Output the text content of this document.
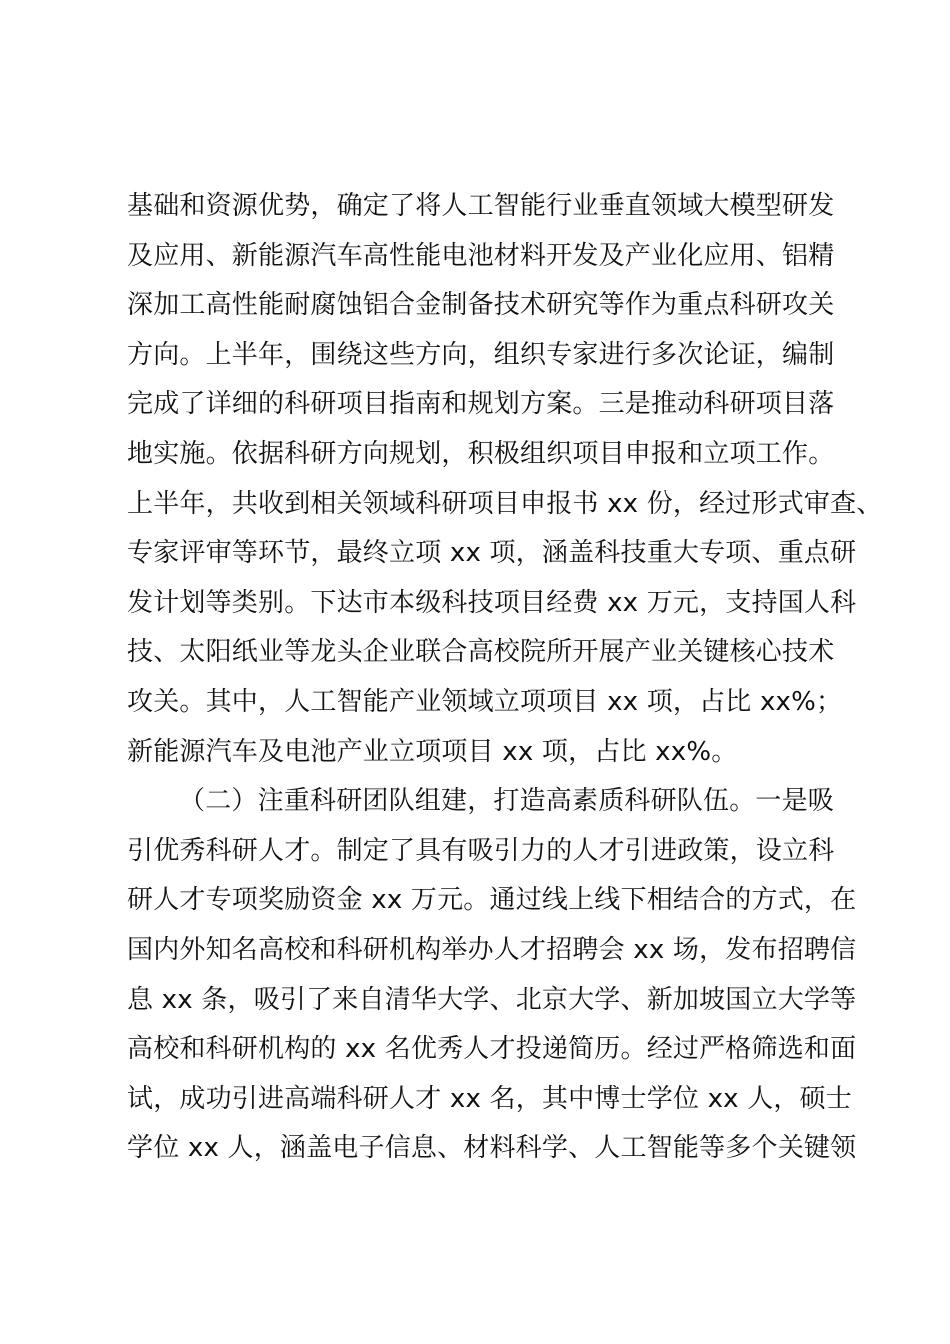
基础和资源优势，确定了将人工智能行业垂直领域大模型研发
及应用、新能源汽车高性能电池材料开发及产业化应用、铝精
深加工高性能耐腐蚀铝合金制备技术研究等作为重点科研攻关
方向。上半年，围绕这些方向，组织专家进行多次论证，编制
完成了详细的科研项目指南和规划方案。三是推动科研项目落
地实施。依据科研方向规划，积极组织项目申报和立项工作。
上半年，共收到相关领域科研项目申报书 xx 份，经过形式审查、
专家评审等环节，最终立项 xx 项，涵盖科技重大专项、重点研
发计划等类别。下达市本级科技项目经费 xx 万元，支持国人科
技、太阳纸业等龙头企业联合高校院所开展产业关键核心技术
攻关。其中，人工智能产业领域立项项目 xx 项，占比 xx%；
新能源汽车及电池产业立项项目 xx 项，占比 xx%。
（二）注重科研团队组建，打造高素质科研队伍。一是吸
引优秀科研人才。制定了具有吸引力的人才引进政策，设立科
研人才专项奖励资金 xx 万元。通过线上线下相结合的方式，在
国内外知名高校和科研机构举办人才招聘会 xx 场，发布招聘信
息 xx 条，吸引了来自清华大学、北京大学、新加坡国立大学等
高校和科研机构的 xx 名优秀人才投递简历。经过严格筛选和面
试，成功引进高端科研人才 xx 名，其中博士学位 xx 人，硕士
学位 xx 人，涵盖电子信息、材料科学、人工智能等多个关键领
